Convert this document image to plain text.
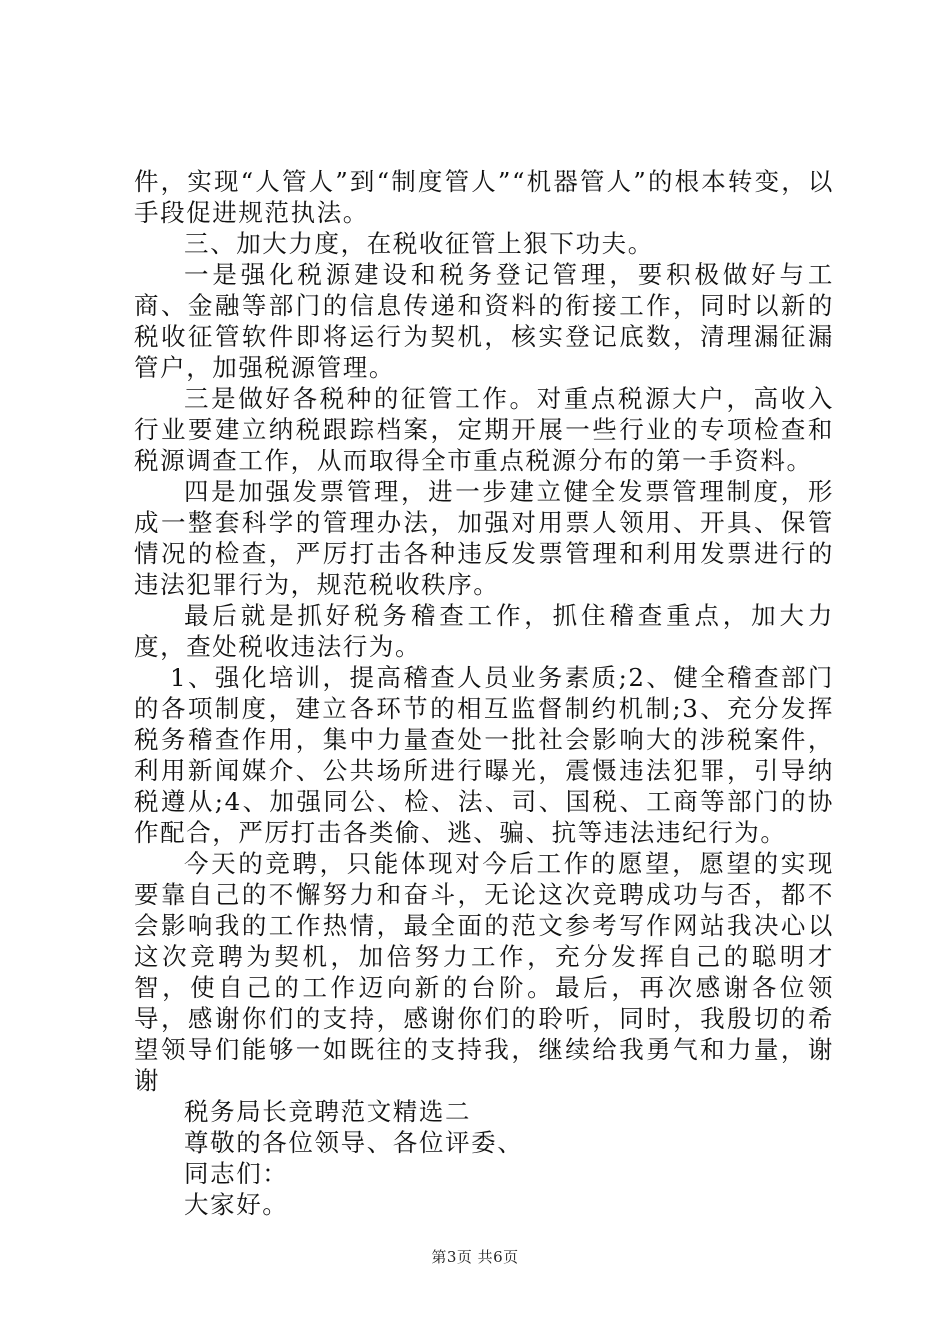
件，实现“人管人”到“制度管人”“机器管人”的根本转变，以手段促进规范执法。

三、加大力度，在税收征管上狠下功夫。

一是强化税源建设和税务登记管理，要积极做好与工商、金融等部门的信息传递和资料的衔接工作，同时以新的税收征管软件即将运行为契机，核实登记底数，清理漏征漏管户，加强税源管理。

三是做好各税种的征管工作。对重点税源大户，高收入行业要建立纳税跟踪档案，定期开展一些行业的专项检查和税源调查工作，从而取得全市重点税源分布的第一手资料。

四是加强发票管理，进一步建立健全发票管理制度，形成一整套科学的管理办法，加强对用票人领用、开具、保管情况的检查，严厉打击各种违反发票管理和利用发票进行的违法犯罪行为，规范税收秩序。

最后就是抓好税务稽查工作，抓住稽查重点，加大力度，查处税收违法行为。

1、强化培训，提高稽查人员业务素质;2、健全稽查部门的各项制度，建立各环节的相互监督制约机制;3、充分发挥税务稽查作用，集中力量查处一批社会影响大的涉税案件，利用新闻媒介、公共场所进行曝光，震慑违法犯罪，引导纳税遵从;4、加强同公、检、法、司、国税、工商等部门的协作配合，严厉打击各类偷、逃、骗、抗等违法违纪行为。

今天的竞聘，只能体现对今后工作的愿望，愿望的实现要靠自己的不懈努力和奋斗，无论这次竞聘成功与否，都不会影响我的工作热情，最全面的范文参考写作网站我决心以这次竞聘为契机，加倍努力工作，充分发挥自己的聪明才智，使自己的工作迈向新的台阶。最后，再次感谢各位领导，感谢你们的支持，感谢你们的聆听，同时，我殷切的希望领导们能够一如既往的支持我，继续给我勇气和力量，谢谢

税务局长竞聘范文精选二

尊敬的各位领导、各位评委、

同志们：

大家好。

第3页 共6页
